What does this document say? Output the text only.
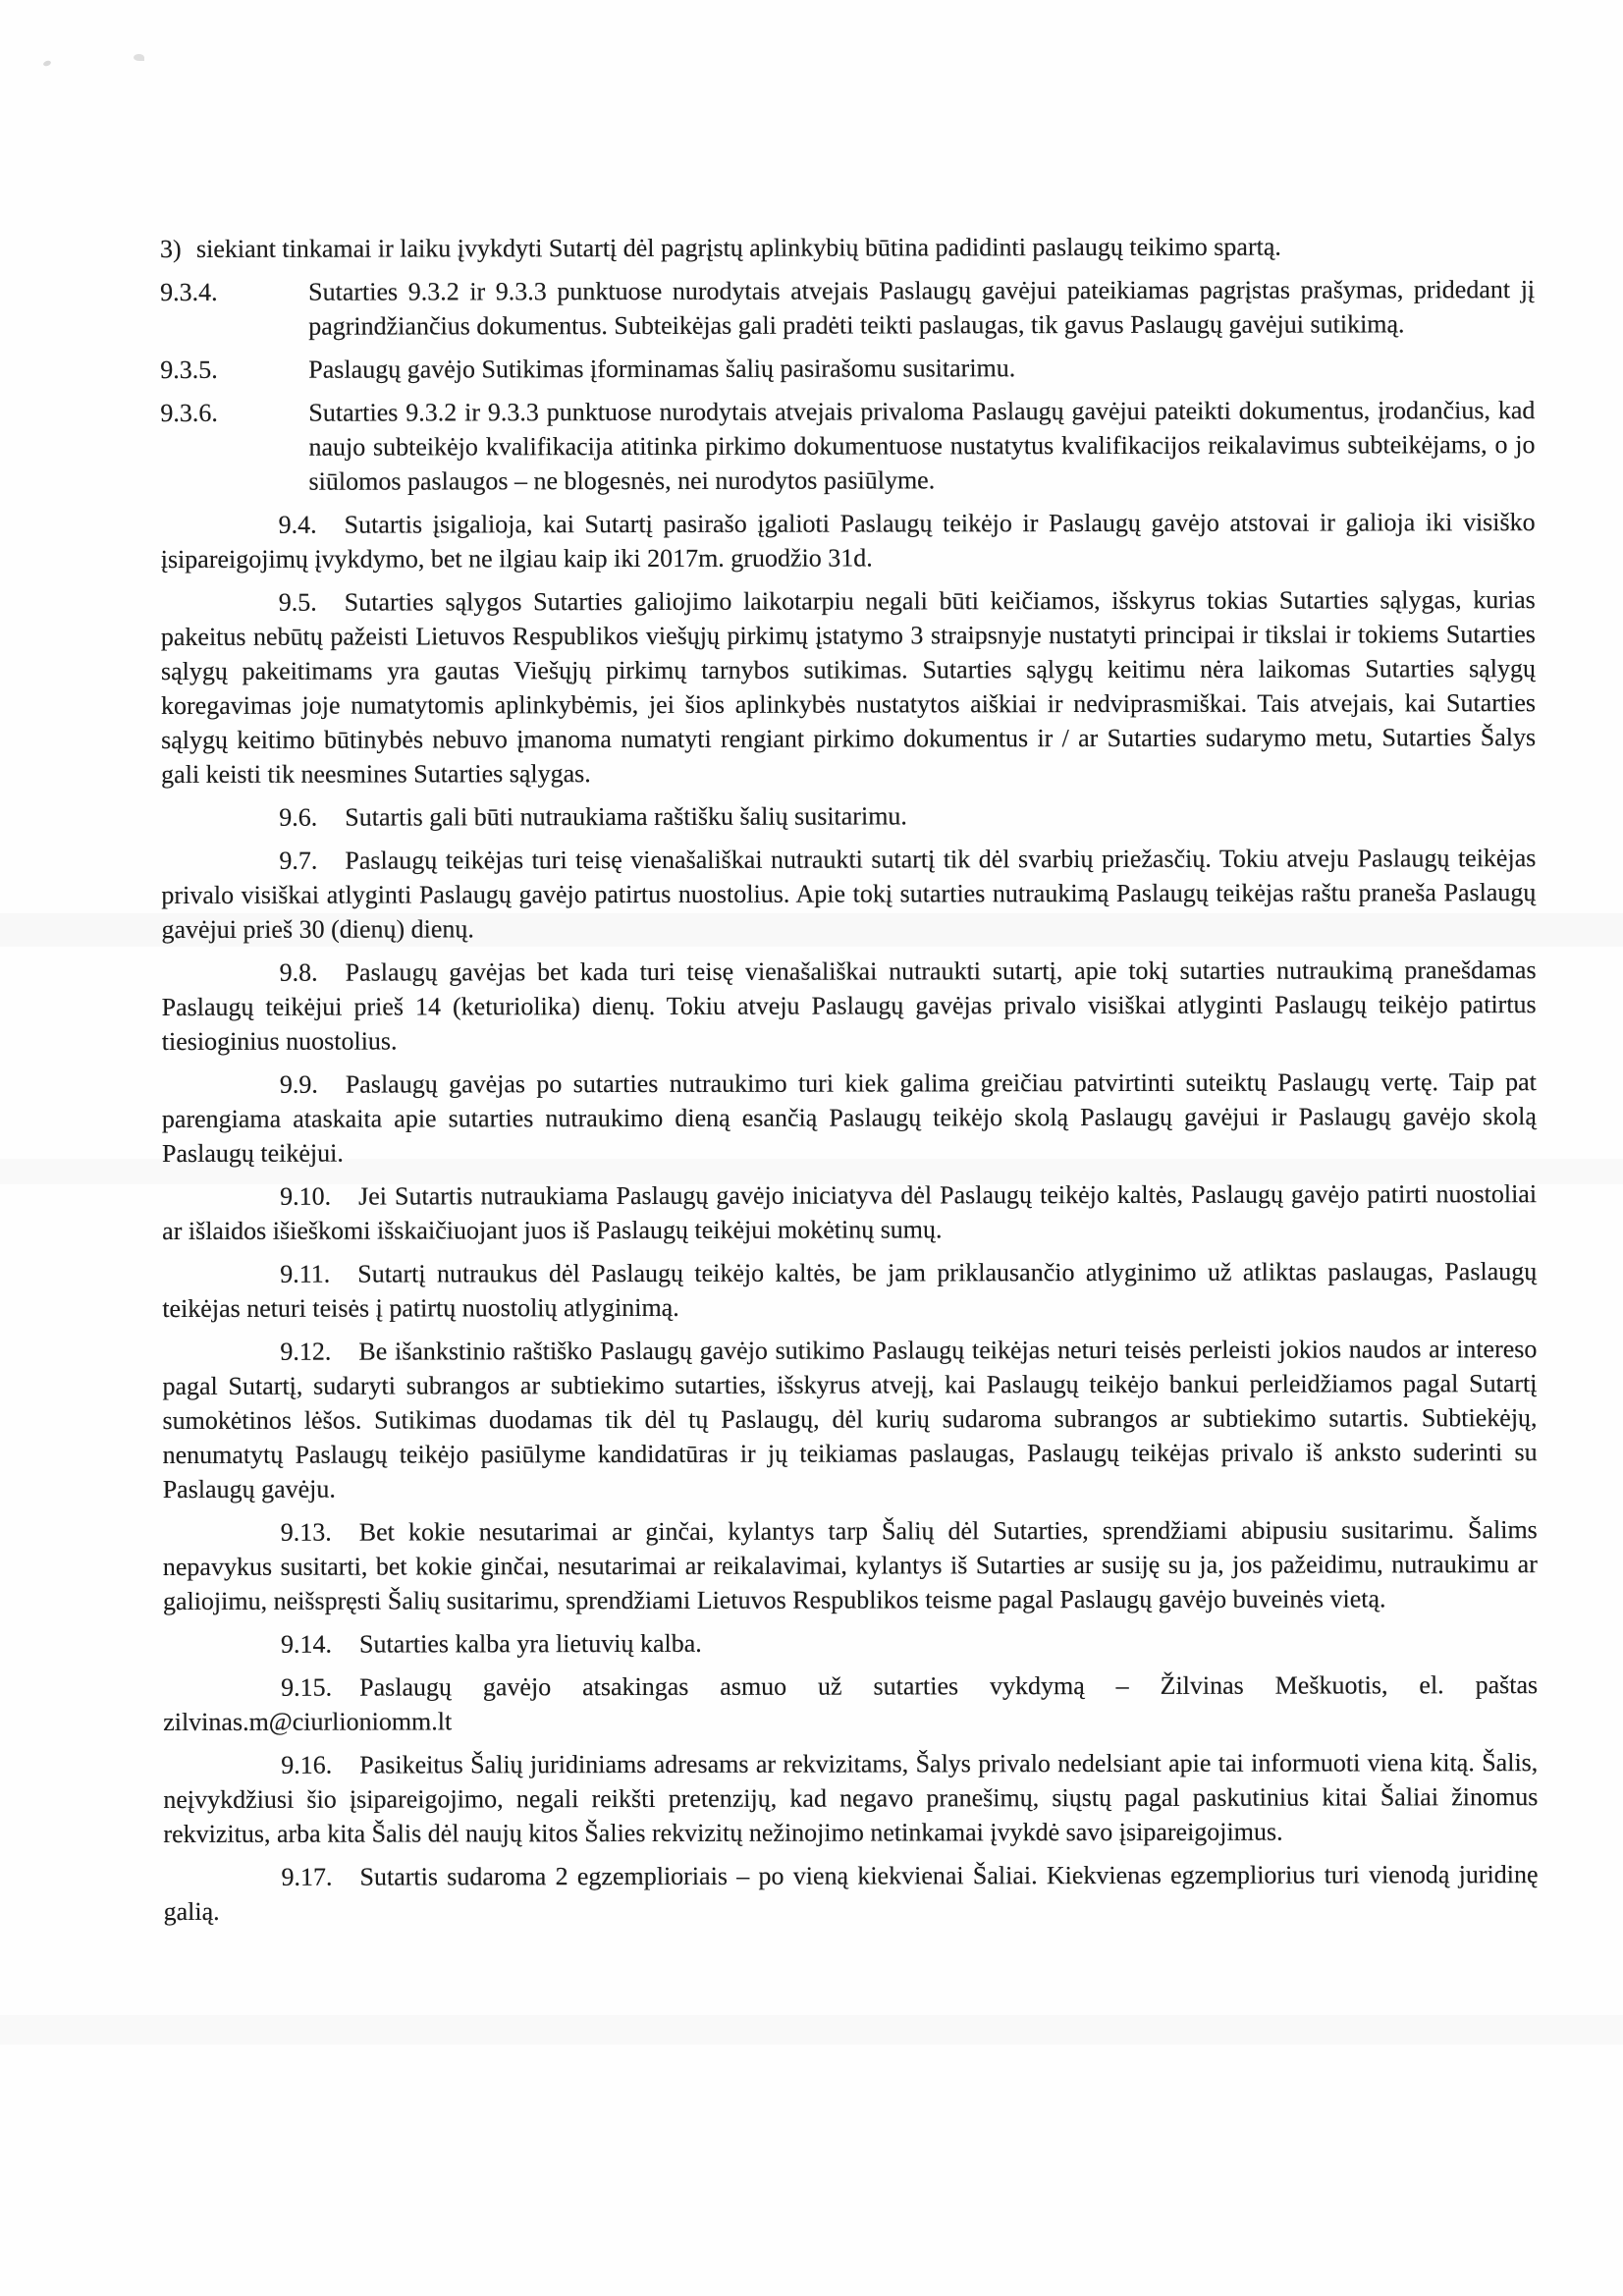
3) siekiant tinkamai ir laiku įvykdyti Sutartį dėl pagrįstų aplinkybių būtina padidinti paslaugų teikimo spartą.

9.3.4.	Sutarties 9.3.2 ir 9.3.3 punktuose nurodytais atvejais Paslaugų gavėjui pateikiamas pagrįstas prašymas, pridedant jį pagrindžiančius dokumentus. Subteikėjas gali pradėti teikti paslaugas, tik gavus Paslaugų gavėjui sutikimą.

9.3.5.	Paslaugų gavėjo Sutikimas įforminamas šalių pasirašomu susitarimu.

9.3.6.	Sutarties 9.3.2 ir 9.3.3 punktuose nurodytais atvejais privaloma Paslaugų gavėjui pateikti dokumentus, įrodančius, kad naujo subteikėjo kvalifikacija atitinka pirkimo dokumentuose nustatytus kvalifikacijos reikalavimus subteikėjams, o jo siūlomos paslaugos – ne blogesnės, nei nurodytos pasiūlyme.

9.4. Sutartis įsigalioja, kai Sutartį pasirašo įgalioti Paslaugų teikėjo ir Paslaugų gavėjo atstovai ir galioja iki visiško įsipareigojimų įvykdymo, bet ne ilgiau kaip iki 2017m. gruodžio 31d.

9.5. Sutarties sąlygos Sutarties galiojimo laikotarpiu negali būti keičiamos, išskyrus tokias Sutarties sąlygas, kurias pakeitus nebūtų pažeisti Lietuvos Respublikos viešųjų pirkimų įstatymo 3 straipsnyje nustatyti principai ir tikslai ir tokiems Sutarties sąlygų pakeitimams yra gautas Viešųjų pirkimų tarnybos sutikimas. Sutarties sąlygų keitimu nėra laikomas Sutarties sąlygų koregavimas joje numatytomis aplinkybėmis, jei šios aplinkybės nustatytos aiškiai ir nedviprasmiškai. Tais atvejais, kai Sutarties sąlygų keitimo būtinybės nebuvo įmanoma numatyti rengiant pirkimo dokumentus ir / ar Sutarties sudarymo metu, Sutarties Šalys gali keisti tik neesmines Sutarties sąlygas.

9.6. Sutartis gali būti nutraukiama raštišku šalių susitarimu.

9.7. Paslaugų teikėjas turi teisę vienašališkai nutraukti sutartį tik dėl svarbių priežasčių. Tokiu atveju Paslaugų teikėjas privalo visiškai atlyginti Paslaugų gavėjo patirtus nuostolius. Apie tokį sutarties nutraukimą Paslaugų teikėjas raštu praneša Paslaugų gavėjui prieš 30 (dienų) dienų.

9.8. Paslaugų gavėjas bet kada turi teisę vienašališkai nutraukti sutartį, apie tokį sutarties nutraukimą pranešdamas Paslaugų teikėjui prieš 14 (keturiolika) dienų. Tokiu atveju Paslaugų gavėjas privalo visiškai atlyginti Paslaugų teikėjo patirtus tiesioginius nuostolius.

9.9. Paslaugų gavėjas po sutarties nutraukimo turi kiek galima greičiau patvirtinti suteiktų Paslaugų vertę. Taip pat parengiama ataskaita apie sutarties nutraukimo dieną esančią Paslaugų teikėjo skolą Paslaugų gavėjui ir Paslaugų gavėjo skolą Paslaugų teikėjui.

9.10. Jei Sutartis nutraukiama Paslaugų gavėjo iniciatyva dėl Paslaugų teikėjo kaltės, Paslaugų gavėjo patirti nuostoliai ar išlaidos išieškomi išskaičiuojant juos iš Paslaugų teikėjui mokėtinų sumų.

9.11. Sutartį nutraukus dėl Paslaugų teikėjo kaltės, be jam priklausančio atlyginimo už atliktas paslaugas, Paslaugų teikėjas neturi teisės į patirtų nuostolių atlyginimą.

9.12. Be išankstinio raštiško Paslaugų gavėjo sutikimo Paslaugų teikėjas neturi teisės perleisti jokios naudos ar intereso pagal Sutartį, sudaryti subrangos ar subtiekimo sutarties, išskyrus atvejį, kai Paslaugų teikėjo bankui perleidžiamos pagal Sutartį sumokėtinos lėšos. Sutikimas duodamas tik dėl tų Paslaugų, dėl kurių sudaroma subrangos ar subtiekimo sutartis. Subtiekėjų, nenumatytų Paslaugų teikėjo pasiūlyme kandidatūras ir jų teikiamas paslaugas, Paslaugų teikėjas privalo iš anksto suderinti su Paslaugų gavėju.

9.13. Bet kokie nesutarimai ar ginčai, kylantys tarp Šalių dėl Sutarties, sprendžiami abipusiu susitarimu. Šalims nepavykus susitarti, bet kokie ginčai, nesutarimai ar reikalavimai, kylantys iš Sutarties ar susiję su ja, jos pažeidimu, nutraukimu ar galiojimu, neišspręsti Šalių susitarimu, sprendžiami Lietuvos Respublikos teisme pagal Paslaugų gavėjo buveinės vietą.

9.14. Sutarties kalba yra lietuvių kalba.

9.15. Paslaugų gavėjo atsakingas asmuo už sutarties vykdymą – Žilvinas Meškuotis, el. paštas zilvinas.m@ciurlioniomm.lt

9.16. Pasikeitus Šalių juridiniams adresams ar rekvizitams, Šalys privalo nedelsiant apie tai informuoti viena kitą. Šalis, neįvykdžiusi šio įsipareigojimo, negali reikšti pretenzijų, kad negavo pranešimų, siųstų pagal paskutinius kitai Šaliai žinomus rekvizitus, arba kita Šalis dėl naujų kitos Šalies rekvizitų nežinojimo netinkamai įvykdė savo įsipareigojimus.

9.17. Sutartis sudaroma 2 egzemplioriais – po vieną kiekvienai Šaliai. Kiekvienas egzempliorius turi vienodą juridinę galią.
